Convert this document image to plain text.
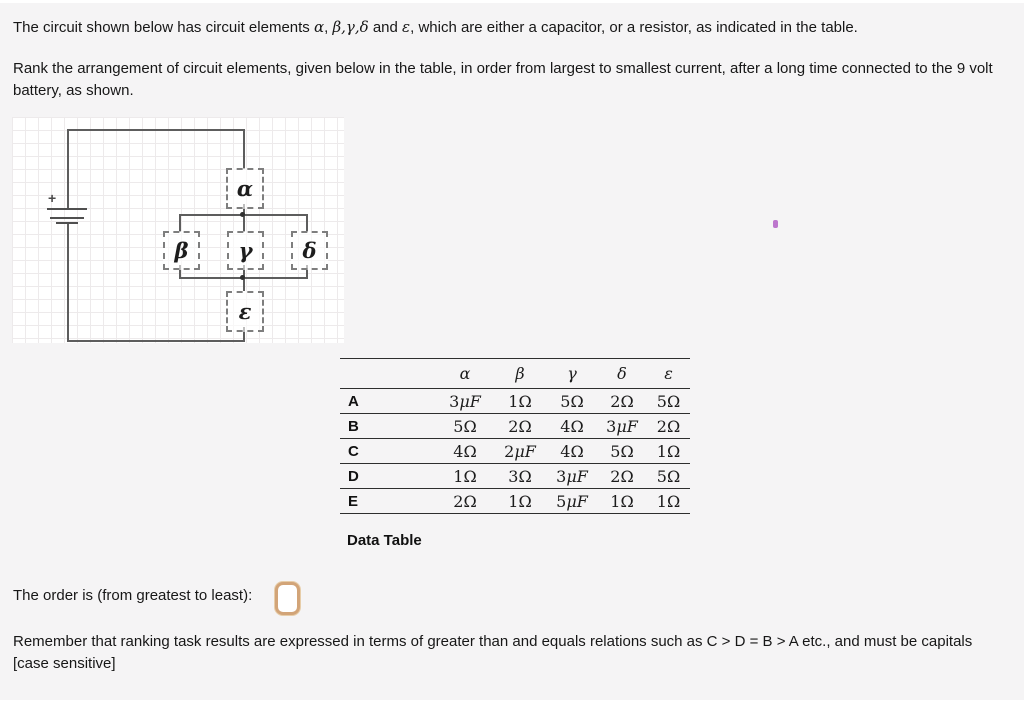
The circuit shown below has circuit elements α, β,γ,δ and ε, which are either a capacitor, or a resistor, as indicated in the table.

Rank the arrangement of circuit elements, given below in the table, in order from largest to smallest current, after a long time connected to the 9 volt battery, as shown.

+	α
β γ δ
ε
	α	β	γ	δ	ε
A	3μF	1Ω	5Ω	2Ω	5Ω
B	5Ω	2Ω	4Ω	3μF	2Ω
C	4Ω	2μF	4Ω	5Ω	1Ω
D	1Ω	3Ω	3μF	2Ω	5Ω
E	2Ω	1Ω	5μF	1Ω	1Ω
Data Table
The order is (from greatest to least):

Remember that ranking task results are expressed in terms of greater than and equals relations such as C > D = B > A etc., and must be capitals [case sensitive]
